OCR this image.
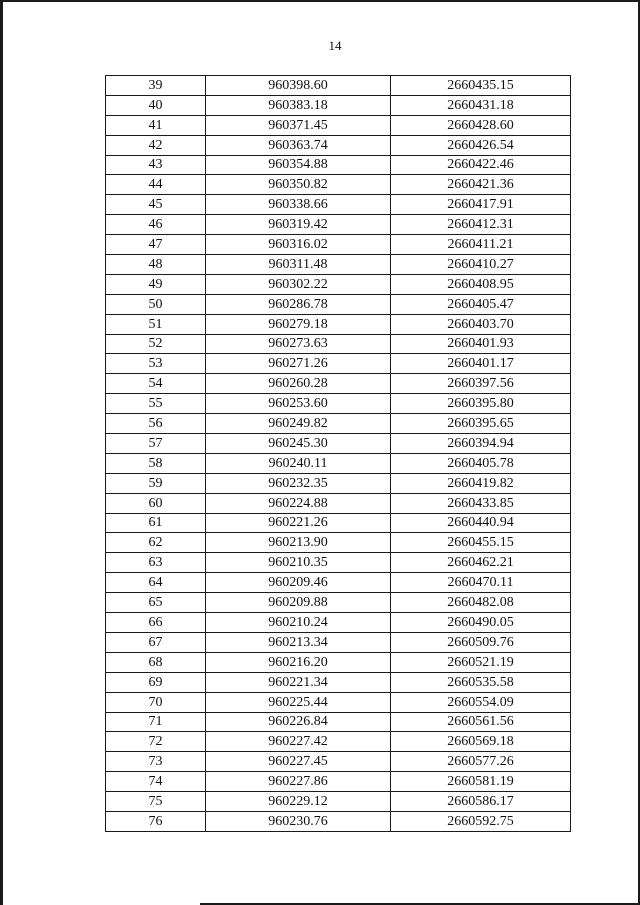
14
39	960398.60	2660435.15
40	960383.18	2660431.18
41	960371.45	2660428.60
42	960363.74	2660426.54
43	960354.88	2660422.46
44	960350.82	2660421.36
45	960338.66	2660417.91
46	960319.42	2660412.31
47	960316.02	2660411.21
48	960311.48	2660410.27
49	960302.22	2660408.95
50	960286.78	2660405.47
51	960279.18	2660403.70
52	960273.63	2660401.93
53	960271.26	2660401.17
54	960260.28	2660397.56
55	960253.60	2660395.80
56	960249.82	2660395.65
57	960245.30	2660394.94
58	960240.11	2660405.78
59	960232.35	2660419.82
60	960224.88	2660433.85
61	960221.26	2660440.94
62	960213.90	2660455.15
63	960210.35	2660462.21
64	960209.46	2660470.11
65	960209.88	2660482.08
66	960210.24	2660490.05
67	960213.34	2660509.76
68	960216.20	2660521.19
69	960221.34	2660535.58
70	960225.44	2660554.09
71	960226.84	2660561.56
72	960227.42	2660569.18
73	960227.45	2660577.26
74	960227.86	2660581.19
75	960229.12	2660586.17
76	960230.76	2660592.75
